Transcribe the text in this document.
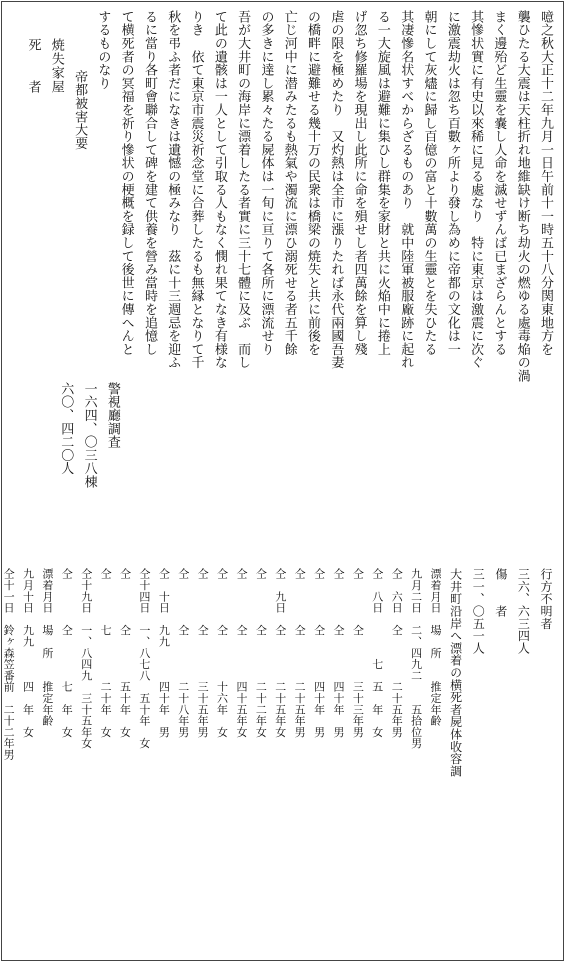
噫之秋大正十二年九月一日午前十一時五十八分関東地方を

襲ひたる大震は天柱折れ地維缺け断ち劫火の燃ゆる處毒焔の渦

まく邊殆ど生靈を嚢し人命を滅せずんば已まざらんとする

其慘状實に有史以來稀に見る處なり　特に東京は激震に次ぐ

に激震劫火は忽ち百數ヶ所より發し為めに帝都の文化は一

朝にして灰燼に歸し百億の富と十數萬の生靈とを失ひたる

其凄慘名状すべからざるものあり　就中陸軍被服廠跡に起れ

る一大旋風は避難に集ひし群集を家財と共に火焔中に捲上

げ忽ち修羅場を現出し此所に命を殞せし者四萬餘を算し殘

虐の限を極めたり　又灼熱は全市に漲りたれば永代兩國吾妻

の橋畔に避難せる幾十万の民衆は橋梁の焼失と共に前後を

亡じ河中に潜みたるも熱氣や濁流に漂ひ溺死せる者五千餘

の多きに達し累々たる屍体は一旬に亘りて各所に漂流せり

吾が大井町の海岸に漂着したる者實に三十七體に及ぶ　而し

て此の遺骸は一人として引取る人もなく憫れ果てなき有様な

りき　依て東京市震災祈念堂に合葬したるも無縁となりて千

秋を弔ふ者だになきは遺憾の極みなり　茲に十三週忌を迎ふ

るに當り各町會聯合して碑を建て供養を營み當時を追憶し

て横死者の冥福を祈り慘状の梗概を録して後世に傳へんと

するものなり

帝都被害大要

焼失家屋

死　　者

警視廳調査

一六四、〇三八棟

六〇、四二〇人

行方不明者

三六、六三四人

傷　　者

三一、〇五一人

大井町沿岸へ漂着の横死者屍体收容調

漂着月日　場　所　　推定年齢

九月二日　二、四九二　　五拾位男

仝　六日　仝　　　　二十五年男

仝　八日　　　　七　五　年　女

仝　　　　仝　　　　三十三年男

仝　　　　仝　　　　四十年　男

仝　　　　仝　　　　四十年　男

仝　　　　仝　　　　二十五年男

仝　九日　仝　　　　二十五年女

仝　　　　仝　　　　二十二年女

仝　　　　仝　　　　四十五年女

仝　　　　仝　　　　十六年　女

仝　　　　仝　　　　三十五年男

仝　　　　仝　　　　二十八年男

仝　十日　九九　　　四十年　男

仝十四日　一、八七八　五十年　女

仝　　　　仝　　　　五十年　女

仝　　　　七　　　　二十年　女

仝十九日　一、八四九　三十五年女

仝　　　　仝　　　　七　年　女

漂着月日　場　所　　推定年齢

九月十日　九九　　　四　年　女

仝十一日　鈴ヶ森笠番前　二十二年男
